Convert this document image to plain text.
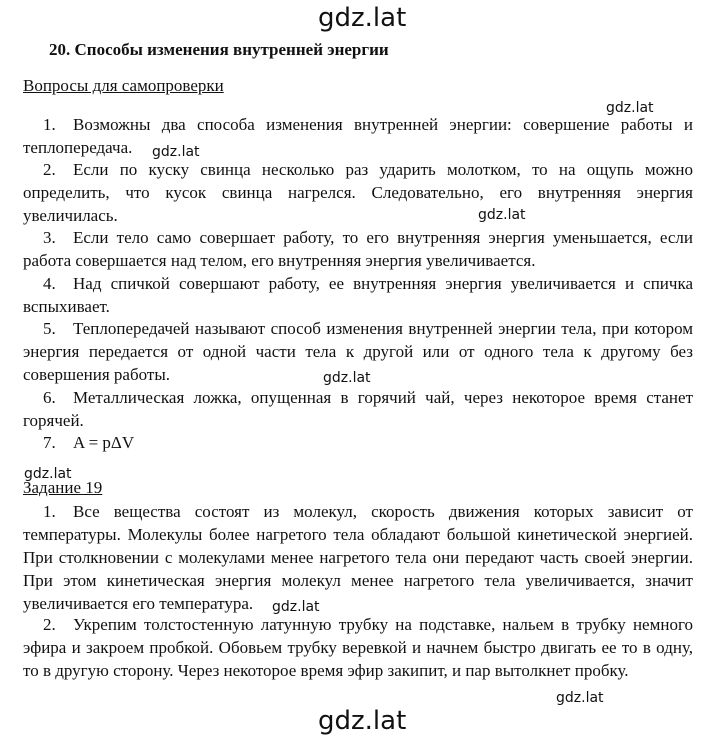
gdz.lat
gdz.lat
gdz.lat
gdz.lat
gdz.lat
gdz.lat
gdz.lat
gdz.lat
gdz.lat
20. Способы изменения внутренней энергии
Вопросы для самопроверки
1. Возможны два способа изменения внутренней энергии: совершение работы и теплопередача.
2. Если по куску свинца несколько раз ударить молотком, то на ощупь можно определить, что кусок свинца нагрелся. Следовательно, его внутренняя энергия увеличилась.
3. Если тело само совершает работу, то его внутренняя энергия уменьшается, если работа совершается над телом, его внутренняя энергия увеличивается.
4. Над спичкой совершают работу, ее внутренняя энергия увеличивается и спичка вспыхивает.
5. Теплопередачей называют способ изменения внутренней энергии тела, при котором энергия передается от одной части тела к другой или от одного тела к другому без совершения работы.
6. Металлическая ложка, опущенная в горячий чай, через некоторое время станет горячей.
7. A = pΔV
Задание 19
1. Все вещества состоят из молекул, скорость движения которых зависит от температуры. Молекулы более нагретого тела обладают большой кинетической энергией. При столкновении с молекулами менее нагретого тела они передают часть своей энергии. При этом кинетическая энергия молекул менее нагретого тела увеличивается, значит увеличивается его температура.
2. Укрепим толстостенную латунную трубку на подставке, нальем в трубку немного эфира и закроем пробкой. Обовьем трубку веревкой и начнем быстро двигать ее то в одну, то в другую сторону. Через некоторое время эфир закипит, и пар вытолкнет пробку.
